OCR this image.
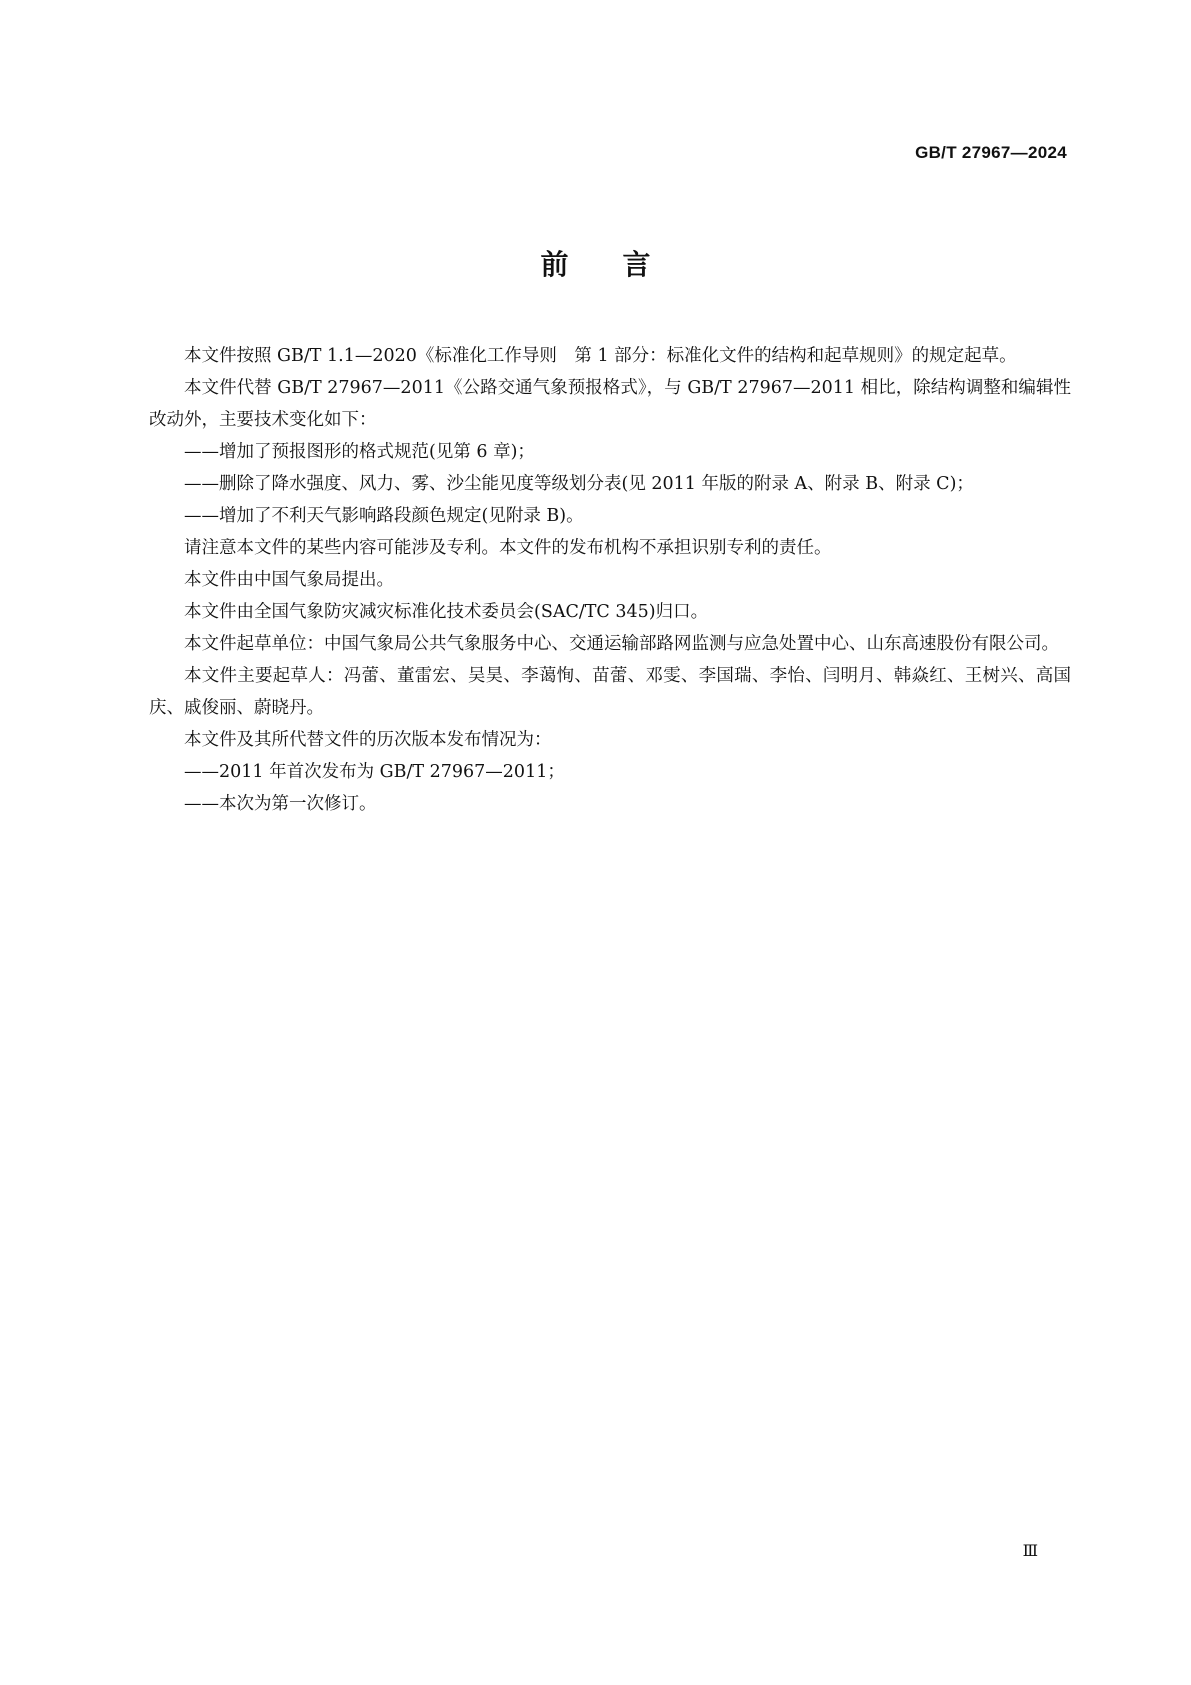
GB/T 27967—2024
前言

本文件按照 GB/T 1.1—2020《标准化工作导则　第 1 部分：标准化文件的结构和起草规则》的规定起草。

本文件代替 GB/T 27967—2011《公路交通气象预报格式》，与 GB/T 27967—2011 相比，除结构调整和编辑性改动外，主要技术变化如下：

——增加了预报图形的格式规范(见第 6 章)；

——删除了降水强度、风力、雾、沙尘能见度等级划分表(见 2011 年版的附录 A、附录 B、附录 C)；

——增加了不利天气影响路段颜色规定(见附录 B)。

请注意本文件的某些内容可能涉及专利。本文件的发布机构不承担识别专利的责任。

本文件由中国气象局提出。

本文件由全国气象防灾减灾标准化技术委员会(SAC/TC 345)归口。

本文件起草单位：中国气象局公共气象服务中心、交通运输部路网监测与应急处置中心、山东高速股份有限公司。

本文件主要起草人：冯蕾、董雷宏、吴昊、李蔼恂、苗蕾、邓雯、李国瑞、李怡、闫明月、韩焱红、王树兴、高国庆、戚俊丽、蔚晓丹。

本文件及其所代替文件的历次版本发布情况为：

——2011 年首次发布为 GB/T 27967—2011；

——本次为第一次修订。

Ⅲ
